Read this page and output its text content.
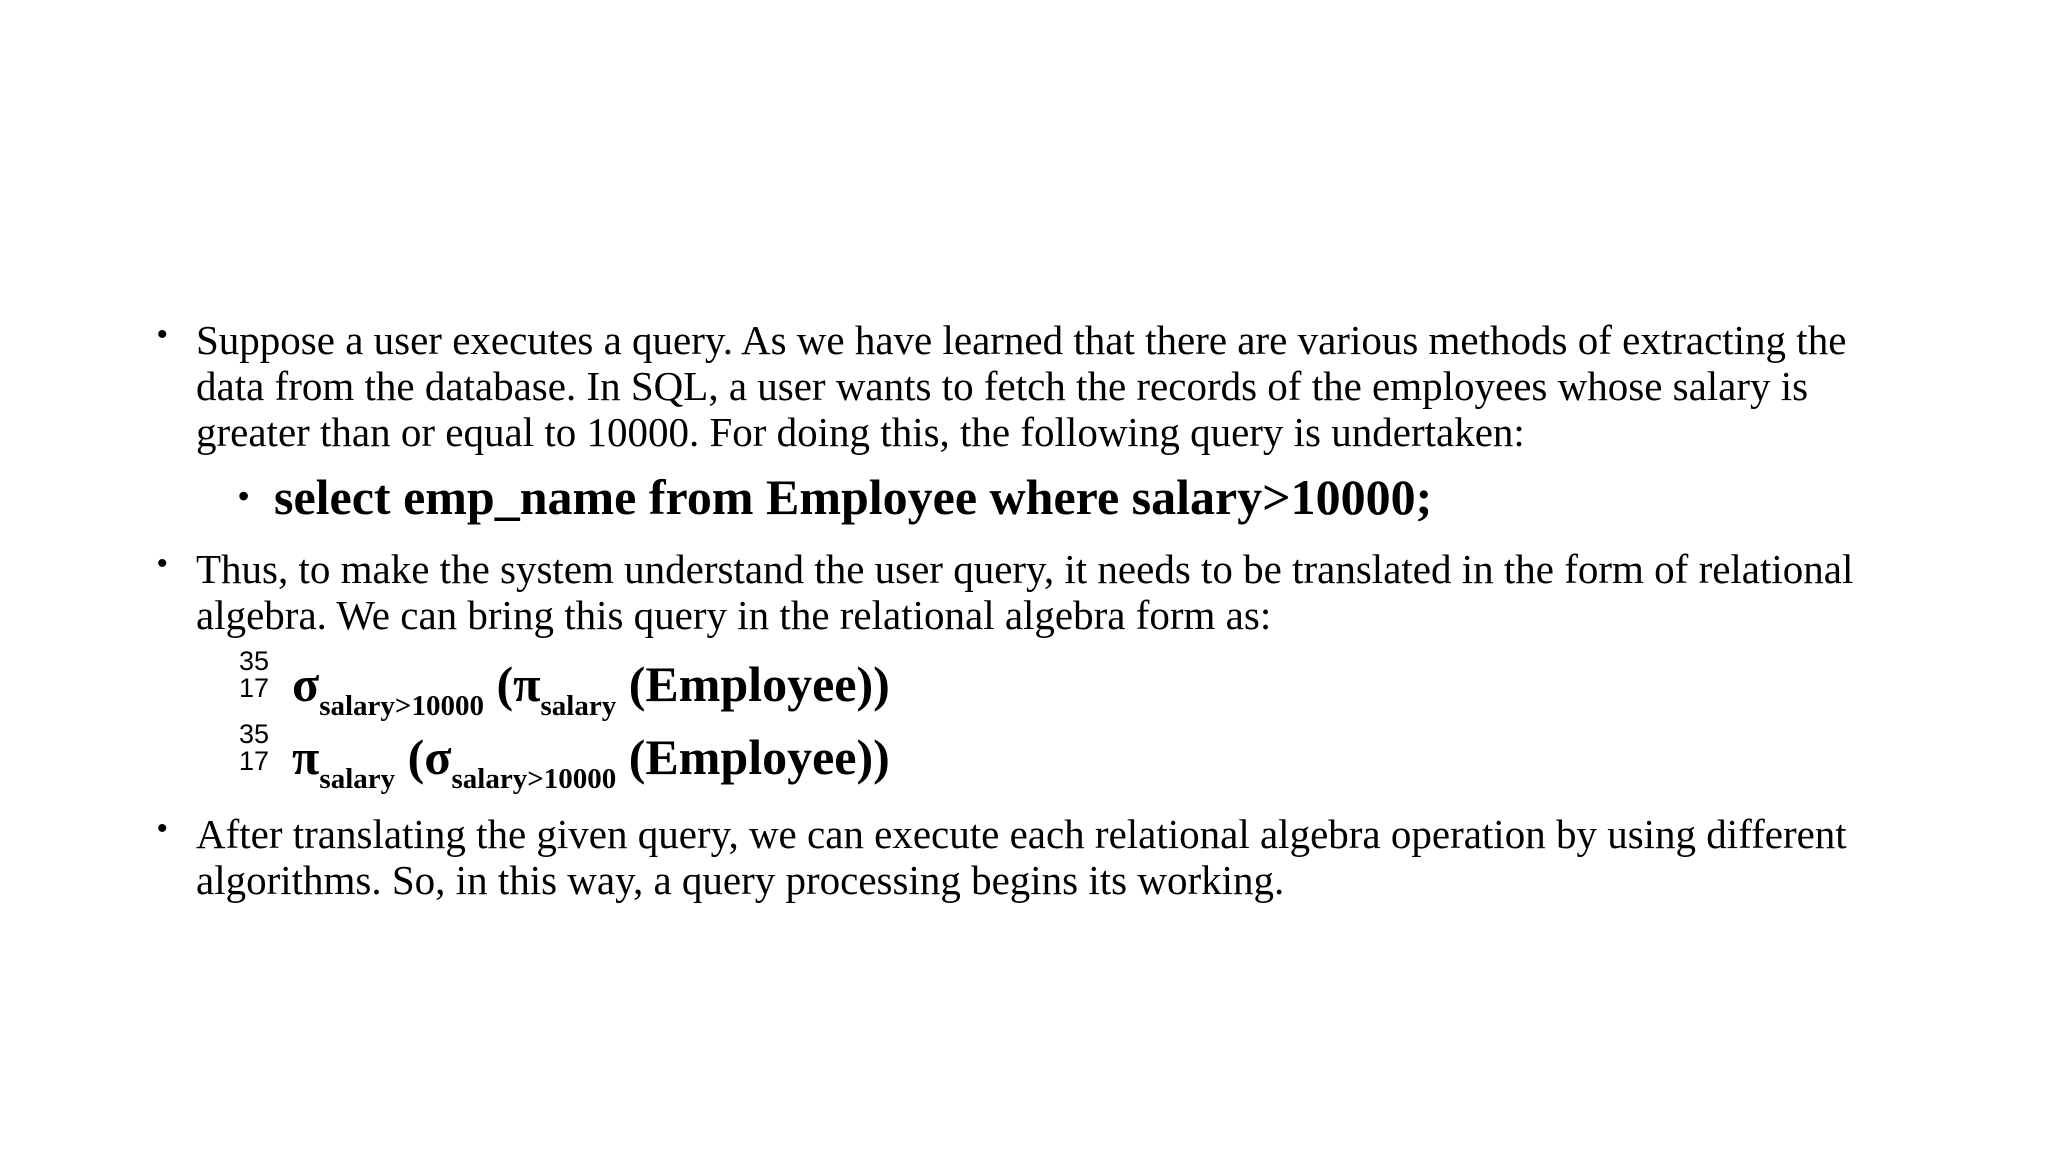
• Suppose a user executes a query. As we have learned that there are various methods of extracting the data from the database. In SQL, a user wants to fetch the records of the employees whose salary is greater than or equal to 10000. For doing this, the following query is undertaken:
• select emp_name from Employee where salary>10000;
• Thus, to make the system understand the user query, it needs to be translated in the form of relational algebra. We can bring this query in the relational algebra form as:
35
17 $\sigma_{salary>10000}$ ($\pi_{salary}$ (Employee))
35
17 $\pi_{salary}$ ($\sigma_{salary>10000}$ (Employee))
• After translating the given query, we can execute each relational algebra operation by using different algorithms. So, in this way, a query processing begins its working.
